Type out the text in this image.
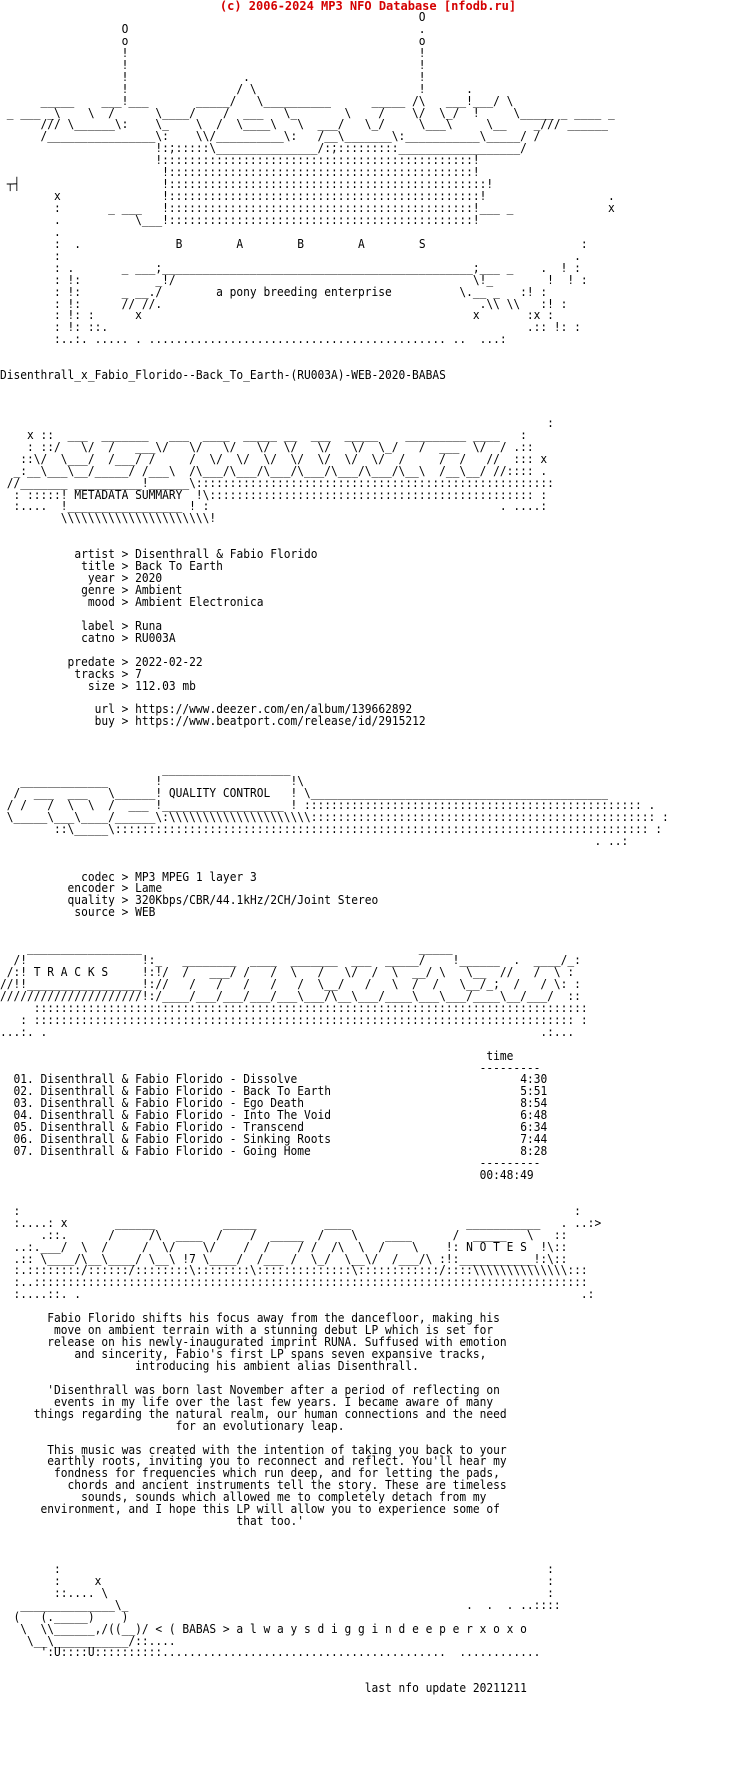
(c) 2006-2024 MP3 NFO Database [nfodb.ru]
O
O                                           .
o                                           o
!                                           !
!                                           !
!                 .                         !
!                / \                        !      .
_____    ___!___       _____/   \__________      _____ /\   ___!___/ \
_ ___ _\    \  /      \____/    /  ___   \_       \    /    \/  \_/  !     \_____ _ ____ _
/// \______\:    \_    \  /  \____\   \  ___/   \_/     \___\     \__    _/// ______
/________________\:    \\/__________\:   /__\_______\:___________\_____/ /
!:;:::::\_______________/:;:::::::::__________________/
!::::::::::::::::::::::::::::::::::::::::::::::!
!:::::::::::::::::::::::::::::::::::::::::::::!
┬┤                     !:::::::::::::::::::::::::::::::::::::::::::::::!
x               !::::::::::::::::::::::::::::::::::::::::::::::!                  .
:       _ ___   !:::::::::::::::::::::::::::::::::::::::::::::!___ _              x
.           \___!:::::::::::::::::::::::::::::::::::::::::::::!
.
:  .	B        A        B        A        S	:
:                                                                            .
: .       _ ___;______________________________________________;___ _    .  ! :
: !:           _!/                                            \!_        !  ! :
: !:      _ __./	a pony breeding enterprise	\.__ _   :! :
: !:      // //.                                               .\\ \\   :! :
: !: :      x                                                 x       :x :
: !: ::.                                                              .:: !: :
:..:. ..... . ............................................ ..  ...:

Disenthrall_x_Fabio_Florido--Back_To_Earth-(RU003A)-WEB-2020-BABAS

:
x ::  ___  _______   ___  ____  _____ __  ___  _____    _________ ____   :
: ::/   \/  /   ___\/   \/   \/   \/  \/   \/   \/  \_/   /  ___  \/  / .::
::\/  \___/  /___/ /     /  \/  \/  \/  \/  \/  \/  \/  /     /  /   //  ::: x
_:__\___\__/_____/ /___\  /\___/\___/\___/\___/\___/\___/\__\  /__\__/ //:::: .
//_______ __________!______\:::::::::::::::::::::::::::::::::::::::::::::::::::::
: :::::! METADATA SUMMARY  !\:::::::::::::::::::::::::::::::::::::::::::::::: :
:....  !_________________ ! :                                           . ....:
\\\\\\\\\\\\\\\\\\\\\\!

artist > Disenthrall & Fabio Florido
title > Back To Earth
year > 2020
genre > Ambient
mood > Ambient Electronica

label > Runa
catno > RU003A

predate > 2022-02-22
tracks > 7
size > 112.03 mb

url > https://www.deezer.com/en/album/139662892
buy > https://www.beatport.com/release/id/2915212

___________________
_____________       !                   !\
/  ___  ___   \______! QUALITY CONTROL   ! \____________________________________________
/ /   /  \  \  /  ___ !__________________ ! :::::::::::::::::::::::::::::::::::::::::::::::::: .
\_____\___\____/______\:\\\\\\\\\\\\\\\\\\\\\::::::::::::::::::::::::::::::::::::::::::::::::::: :
::\_____\::::::::::::::::::::::::::::::::::::::::::::::::::::::::::::::::::::::::::::::: :
. ..:

codec > MP3 MPEG 1 layer 3
encoder > Lame
quality > 320Kbps/CBR/44.1kHz/2CH/Joint Stereo
source > WEB

_________________                                         _____
/!                 !:_   ________  ____  _______  ___  _____/    !______  .  ____/_:
/:! T R A C K S	!:!/  /   ___/ /   /  \   /   \/  /  \  __/ \   \__  //   /  \ :
//!!_________________!://   /   /   /   /   /  \__/   /   \  /  /   \__/_;  /   / \: :
/////////////////////!:/____/___/___/___/___\___/\__\___/____\___\___/____\__/___/  ::
::::::::::::::::::::::::::::::::::::::::::::::::::::::::::::::::::::::::::::::::::
: :::::::::::::::::::::::::::::::::::::::::::::::::::::::::::::::::::::::::::::::: :
...:. .                                                                         .:...

time
---------
01. Disenthrall & Fabio Florido - Dissolve	4:30
02. Disenthrall & Fabio Florido - Back To Earth	5:51
03. Disenthrall & Fabio Florido - Ego Death	8:54
04. Disenthrall & Fabio Florido - Into The Void	6:48
05. Disenthrall & Fabio Florido - Transcend	6:34
06. Disenthrall & Fabio Florido - Sinking Roots	7:44
07. Disenthrall & Fabio Florido - Going Home	8:28
---------
00:48:49

:                                                                                  :
:....: x       ______          _____          ____                 ___________   . ..:>
.::.      /     /\  ____  /    /  _____  /    \    ____      /  _____   \   ::
..:.___/  \  /     /  \/    \/    /  /    / /  /\  \  /    \    !: N O T E S  !\::
.:: \____/\__\____/ \__\ !7 \____/  /___ /  \_/  \__\/  /___/\ :!:___________!:\::
:.::::::::/::::::/::::::::\::::::::\::::::::::::::\::::::::::::/::::\\\\\\\\\\\\\\:::
:..::::::::::::::::::::::::::::::::::::::::::::::::::::::::::::::::::::::::::::::::::
:....::. .                                                                          .:

Fabio Florido shifts his focus away from the dancefloor, making his
move on ambient terrain with a stunning debut LP which is set for
release on his newly-inaugurated imprint RUNA. Suffused with emotion
and sincerity, Fabio's first LP spans seven expansive tracks,
introducing his ambient alias Disenthrall.

'Disenthrall was born last November after a period of reflecting on
events in my life over the last few years. I became aware of many
things regarding the natural realm, our human connections and the need
for an evolutionary leap.

This music was created with the intention of taking you back to your
earthly roots, inviting you to reconnect and reflect. You'll hear my
fondness for frequencies which run deep, and for letting the pads,
chords and ancient instruments tell the story. These are timeless
sounds, sounds which allowed me to completely detach from my
environment, and I hope this LP will allow you to experience some of
that too.'

:                                                                        :
:     x                                                                  :
::.... \                                                                 :
______________\_                                                  .  .  . ..::::
(   (._____)    )
\  \\______,/((__)/ < ( BABAS > a l w a y s d i g g i n d e e p e r x o x o
\__\___________/::....
':U::::U::::::::::..........................................  ............

last nfo update 20211211
